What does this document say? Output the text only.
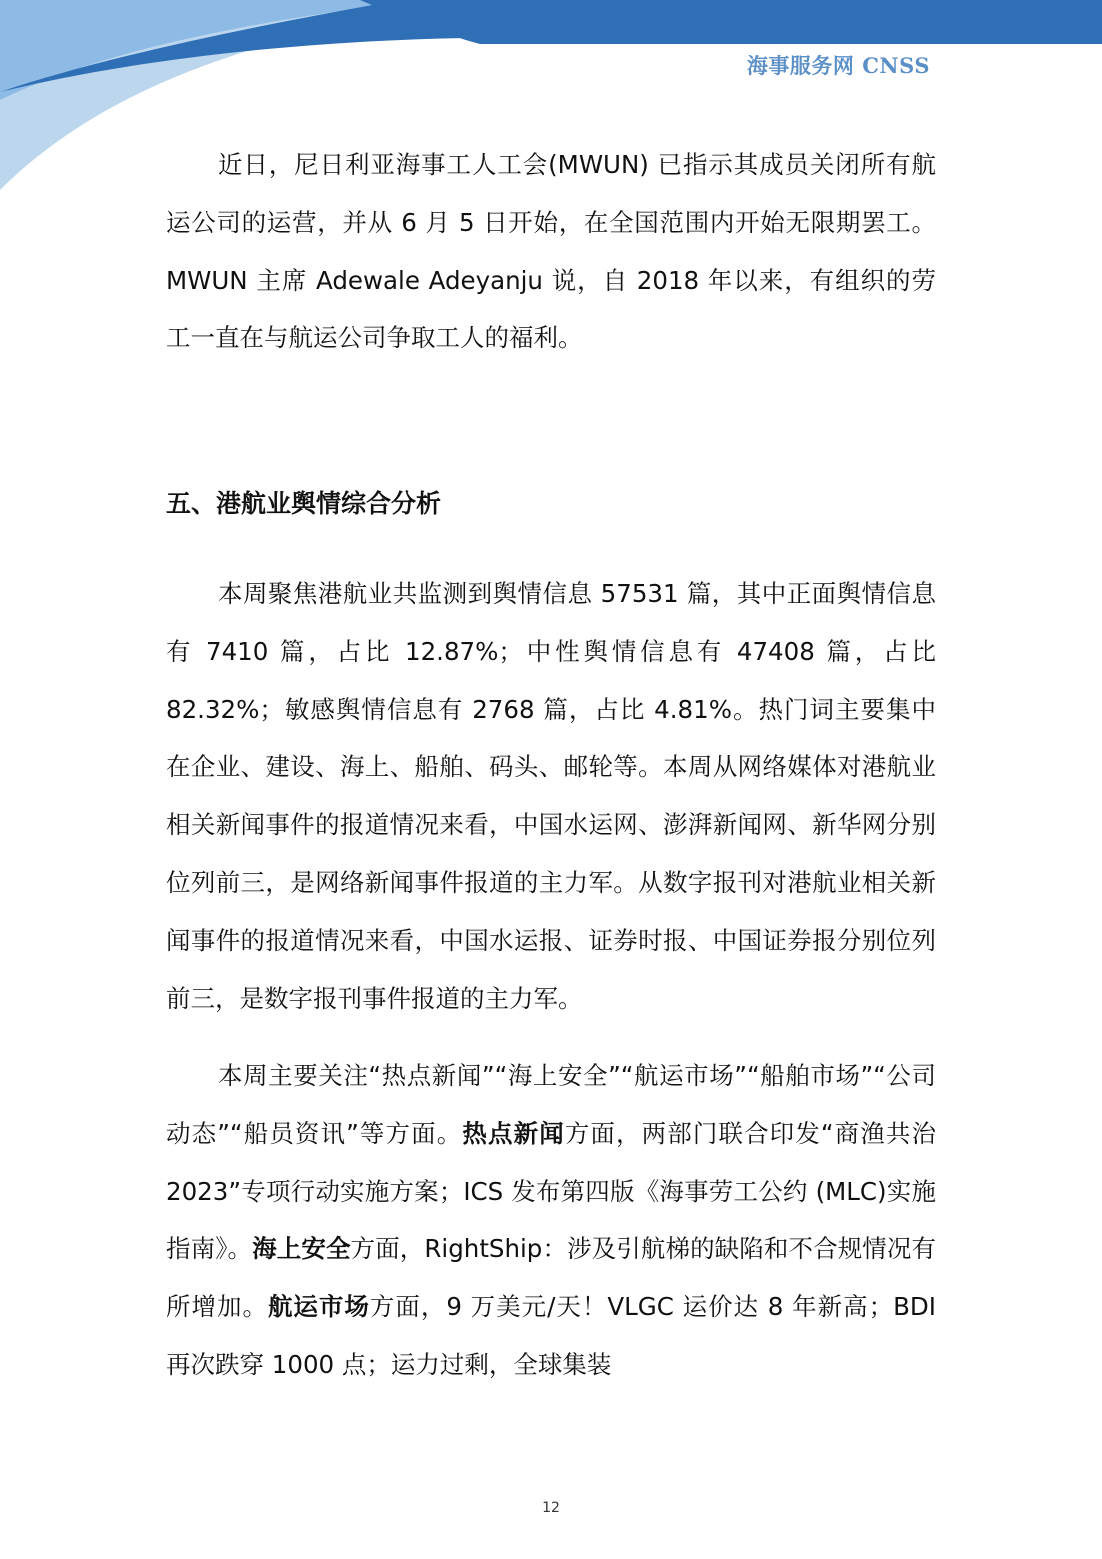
海事服务网 CNSS

近日，尼日利亚海事工人工会(MWUN) 已指示其成员关闭所有航运公司的运营，并从 6 月 5 日开始，在全国范围内开始无限期罢工。MWUN 主席 Adewale Adeyanju 说，自 2018 年以来，有组织的劳工一直在与航运公司争取工人的福利。

五、港航业舆情综合分析

本周聚焦港航业共监测到舆情信息 57531 篇，其中正面舆情信息有 7410 篇，占比 12.87%；中性舆情信息有 47408 篇，占比 82.32%；敏感舆情信息有 2768 篇，占比 4.81%。热门词主要集中在企业、建设、海上、船舶、码头、邮轮等。本周从网络媒体对港航业相关新闻事件的报道情况来看，中国水运网、澎湃新闻网、新华网分别位列前三，是网络新闻事件报道的主力军。从数字报刊对港航业相关新闻事件的报道情况来看，中国水运报、证券时报、中国证券报分别位列前三，是数字报刊事件报道的主力军。

本周主要关注“热点新闻”“海上安全”“航运市场”“船舶市场”“公司动态”“船员资讯”等方面。热点新闻方面，两部门联合印发“商渔共治 2023”专项行动实施方案；ICS 发布第四版《海事劳工公约 (MLC)实施指南》。海上安全方面，RightShip：涉及引航梯的缺陷和不合规情况有所增加。航运市场方面，9 万美元/天！VLGC 运价达 8 年新高；BDI 再次跌穿 1000 点；运力过剩，全球集装

12
